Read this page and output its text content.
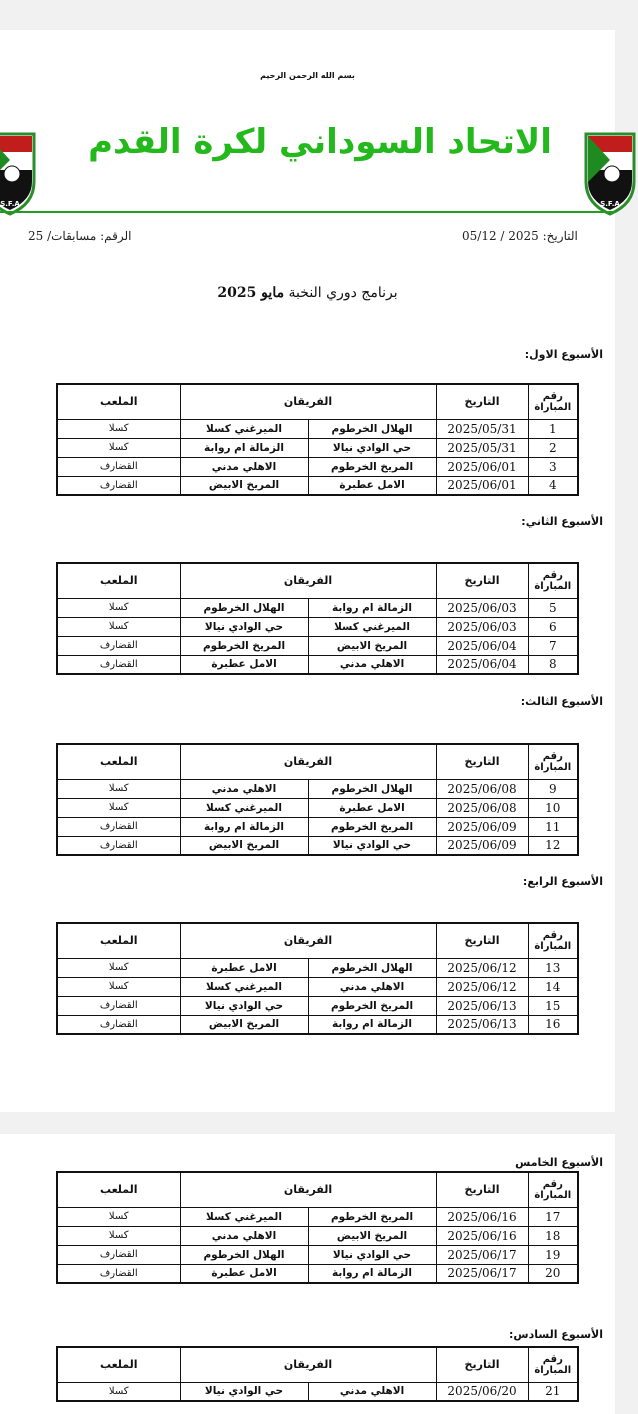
بسم الله الرحمن الرحيم
S.F.A	S.F.A
الاتحاد السوداني لكرة القدم
التاريخ: 2025 / 05/12
الرقم: مسابقات/ 25
برنامج دوري النخبة مايو 2025
الأسبوع الاول:
رقم المباراة	التاريخ	الفريقان		الملعب
1	2025/05/31	الهلال الخرطوم	الميرغني كسلا	كسلا
2	2025/05/31	حي الوادي نيالا	الزمالة ام روابة	كسلا
3	2025/06/01	المريخ الخرطوم	الاهلي مدني	القضارف
4	2025/06/01	الامل عطبرة	المريخ الابيض	القضارف
الأسبوع الثاني:
رقم المباراة	التاريخ	الفريقان		الملعب
5	2025/06/03	الزمالة ام روابة	الهلال الخرطوم	كسلا
6	2025/06/03	الميرغني كسلا	حي الوادي نيالا	كسلا
7	2025/06/04	المريخ الابيض	المريخ الخرطوم	القضارف
8	2025/06/04	الاهلي مدني	الامل عطبرة	القضارف
الأسبوع الثالث:
رقم المباراة	التاريخ	الفريقان		الملعب
9	2025/06/08	الهلال الخرطوم	الاهلي مدني	كسلا
10	2025/06/08	الامل عطبرة	الميرغني كسلا	كسلا
11	2025/06/09	المريخ الخرطوم	الزمالة ام روابة	القضارف
12	2025/06/09	حي الوادي نيالا	المريخ الابيض	القضارف
الأسبوع الرابع:
رقم المباراة	التاريخ	الفريقان		الملعب
13	2025/06/12	الهلال الخرطوم	الامل عطبرة	كسلا
14	2025/06/12	الاهلي مدني	الميرغني كسلا	كسلا
15	2025/06/13	المريخ الخرطوم	حي الوادي نيالا	القضارف
16	2025/06/13	الزمالة ام روابة	المريخ الابيض	القضارف
الأسبوع الخامس
رقم المباراة	التاريخ	الفريقان		الملعب
17	2025/06/16	المريخ الخرطوم	الميرغني كسلا	كسلا
18	2025/06/16	المريخ الابيض	الاهلي مدني	كسلا
19	2025/06/17	حي الوادي نيالا	الهلال الخرطوم	القضارف
20	2025/06/17	الزمالة ام روابة	الامل عطبرة	القضارف
الأسبوع السادس:
رقم المباراة	التاريخ	الفريقان		الملعب
21	2025/06/20	الاهلي مدني	حي الوادي نيالا	كسلا
